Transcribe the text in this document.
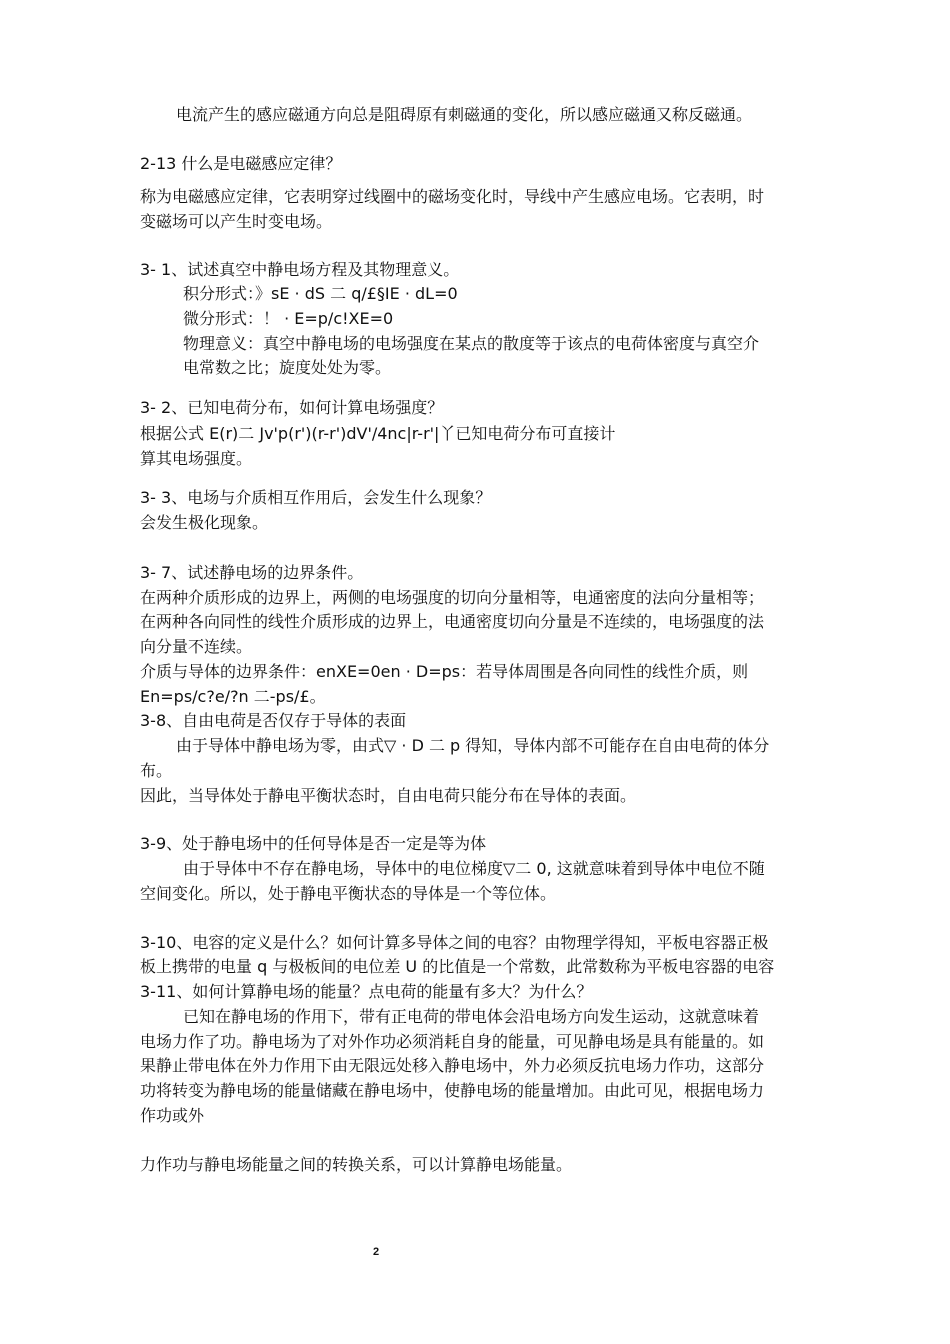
电流产生的感应磁通方向总是阻碍原有刺磁通的变化，所以感应磁通又称反磁通。
2-13 什么是电磁感应定律？
称为电磁感应定律，它表明穿过线圈中的磁场变化时，导线中产生感应电场。它表明，时
变磁场可以产生时变电场。
3- 1、试述真空中静电场方程及其物理意义。
积分形式：》sE · dS 二 q/£§IE · dL=0
微分形式：！ · E=p/c!XE=0
物理意义：真空中静电场的电场强度在某点的散度等于该点的电荷体密度与真空介
电常数之比；旋度处处为零。
3- 2、已知电荷分布，如何计算电场强度？
根据公式 E(r)二 Jv'p(r')(r-r')dV'/4nc|r-r'|丫已知电荷分布可直接计
算其电场强度。
3- 3、电场与介质相互作用后，会发生什么现象？
会发生极化现象。
3- 7、试述静电场的边界条件。
在两种介质形成的边界上，两侧的电场强度的切向分量相等，电通密度的法向分量相等；
在两种各向同性的线性介质形成的边界上，电通密度切向分量是不连续的，电场强度的法
向分量不连续。
介质与导体的边界条件：enXE=0en · D=ps：若导体周围是各向同性的线性介质，则
En=ps/c?e/?n 二-ps/£。
3-8、自由电荷是否仅存于导体的表面
由于导体中静电场为零，由式▽ · D 二 p 得知，导体内部不可能存在自由电荷的体分
布。
因此，当导体处于静电平衡状态时，自由电荷只能分布在导体的表面。
3-9、处于静电场中的任何导体是否一定是等为体
由于导体中不存在静电场，导体中的电位梯度▽二 0, 这就意味着到导体中电位不随
空间变化。所以，处于静电平衡状态的导体是一个等位体。
3-10、电容的定义是什么？如何计算多导体之间的电容？由物理学得知，平板电容器正极
板上携带的电量 q 与极板间的电位差 U 的比值是一个常数，此常数称为平板电容器的电容
3-11、如何计算静电场的能量？点电荷的能量有多大？为什么？
已知在静电场的作用下，带有正电荷的带电体会沿电场方向发生运动，这就意味着
电场力作了功。静电场为了对外作功必须消耗自身的能量，可见静电场是具有能量的。如
果静止带电体在外力作用下由无限远处移入静电场中，外力必须反抗电场力作功，这部分
功将转变为静电场的能量储藏在静电场中，使静电场的能量增加。由此可见，根据电场力
作功或外
力作功与静电场能量之间的转换关系，可以计算静电场能量。
2
